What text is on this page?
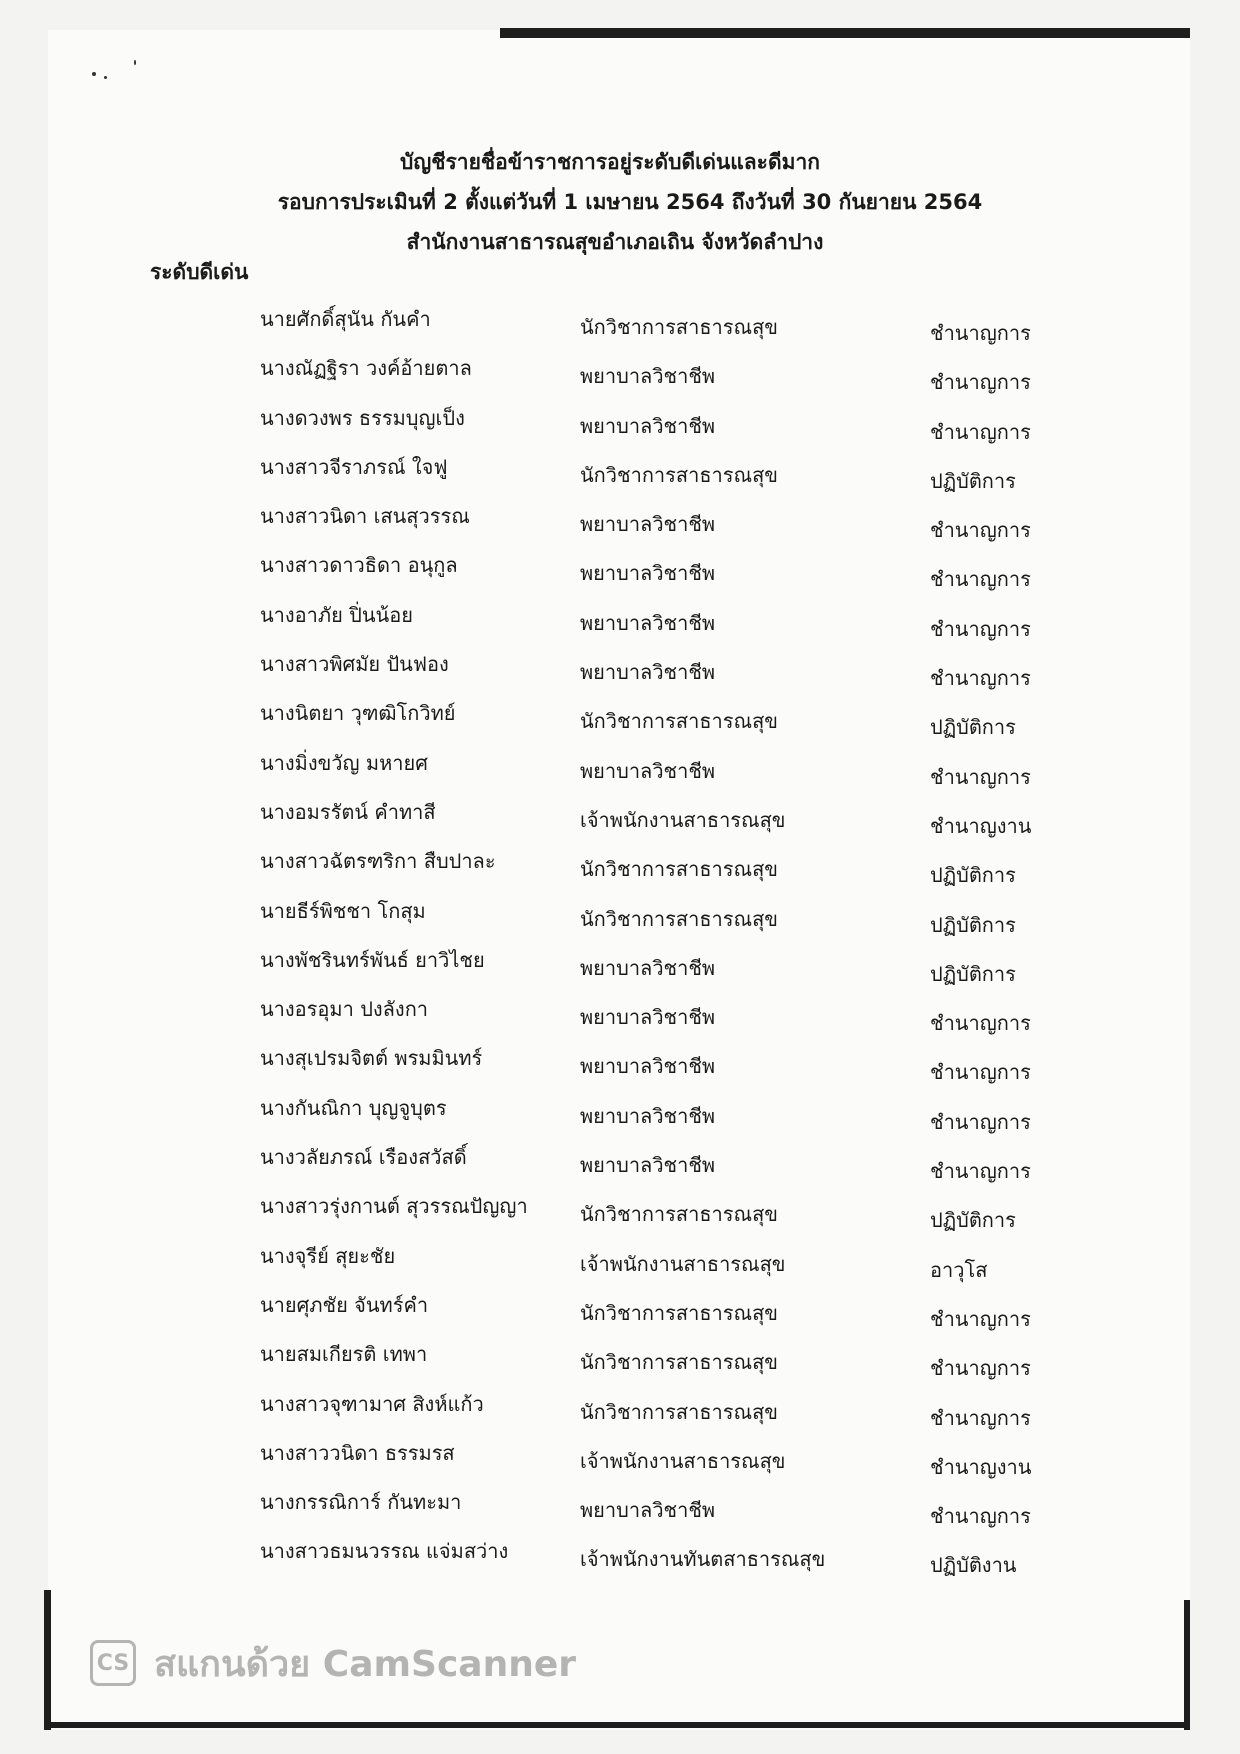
บัญชีรายชื่อข้าราชการอยู่ระดับดีเด่นและดีมาก
รอบการประเมินที่ 2 ตั้งแต่วันที่ 1 เมษายน 2564 ถึงวันที่ 30 กันยายน 2564
สำนักงานสาธารณสุขอำเภอเถิน จังหวัดลำปาง
ระดับดีเด่น
นายศักดิ์สุนัน กันคำ	นักวิชาการสาธารณสุข	ชำนาญการ
นางณัฏฐิรา วงค์อ้ายตาล	พยาบาลวิชาชีพ	ชำนาญการ
นางดวงพร ธรรมบุญเป็ง	พยาบาลวิชาชีพ	ชำนาญการ
นางสาวจีราภรณ์ ใจฟู	นักวิชาการสาธารณสุข	ปฏิบัติการ
นางสาวนิดา เสนสุวรรณ	พยาบาลวิชาชีพ	ชำนาญการ
นางสาวดาวธิดา อนุกูล	พยาบาลวิชาชีพ	ชำนาญการ
นางอาภัย ปิ่นน้อย	พยาบาลวิชาชีพ	ชำนาญการ
นางสาวพิศมัย ปันฟอง	พยาบาลวิชาชีพ	ชำนาญการ
นางนิตยา วุฑฒิโกวิทย์	นักวิชาการสาธารณสุข	ปฏิบัติการ
นางมิ่งขวัญ มหายศ	พยาบาลวิชาชีพ	ชำนาญการ
นางอมรรัตน์ คำทาสี	เจ้าพนักงานสาธารณสุข	ชำนาญงาน
นางสาวฉัตรฑริกา สืบปาละ	นักวิชาการสาธารณสุข	ปฏิบัติการ
นายธีร์พิชชา โกสุม	นักวิชาการสาธารณสุข	ปฏิบัติการ
นางพัชรินทร์พันธ์ ยาวิไชย	พยาบาลวิชาชีพ	ปฏิบัติการ
นางอรอุมา ปงลังกา	พยาบาลวิชาชีพ	ชำนาญการ
นางสุเปรมจิตต์ พรมมินทร์	พยาบาลวิชาชีพ	ชำนาญการ
นางกันณิกา บุญจูบุตร	พยาบาลวิชาชีพ	ชำนาญการ
นางวลัยภรณ์ เรืองสวัสดิ์	พยาบาลวิชาชีพ	ชำนาญการ
นางสาวรุ่งกานต์ สุวรรณปัญญา	นักวิชาการสาธารณสุข	ปฏิบัติการ
นางจุรีย์ สุยะชัย	เจ้าพนักงานสาธารณสุข	อาวุโส
นายศุภชัย จันทร์คำ	นักวิชาการสาธารณสุข	ชำนาญการ
นายสมเกียรติ เทพา	นักวิชาการสาธารณสุข	ชำนาญการ
นางสาวจุฑามาศ สิงห์แก้ว	นักวิชาการสาธารณสุข	ชำนาญการ
นางสาววนิดา ธรรมรส	เจ้าพนักงานสาธารณสุข	ชำนาญงาน
นางกรรณิการ์ กันทะมา	พยาบาลวิชาชีพ	ชำนาญการ
นางสาวธมนวรรณ แจ่มสว่าง	เจ้าพนักงานทันตสาธารณสุข	ปฏิบัติงาน
CS สแกนด้วย CamScanner
